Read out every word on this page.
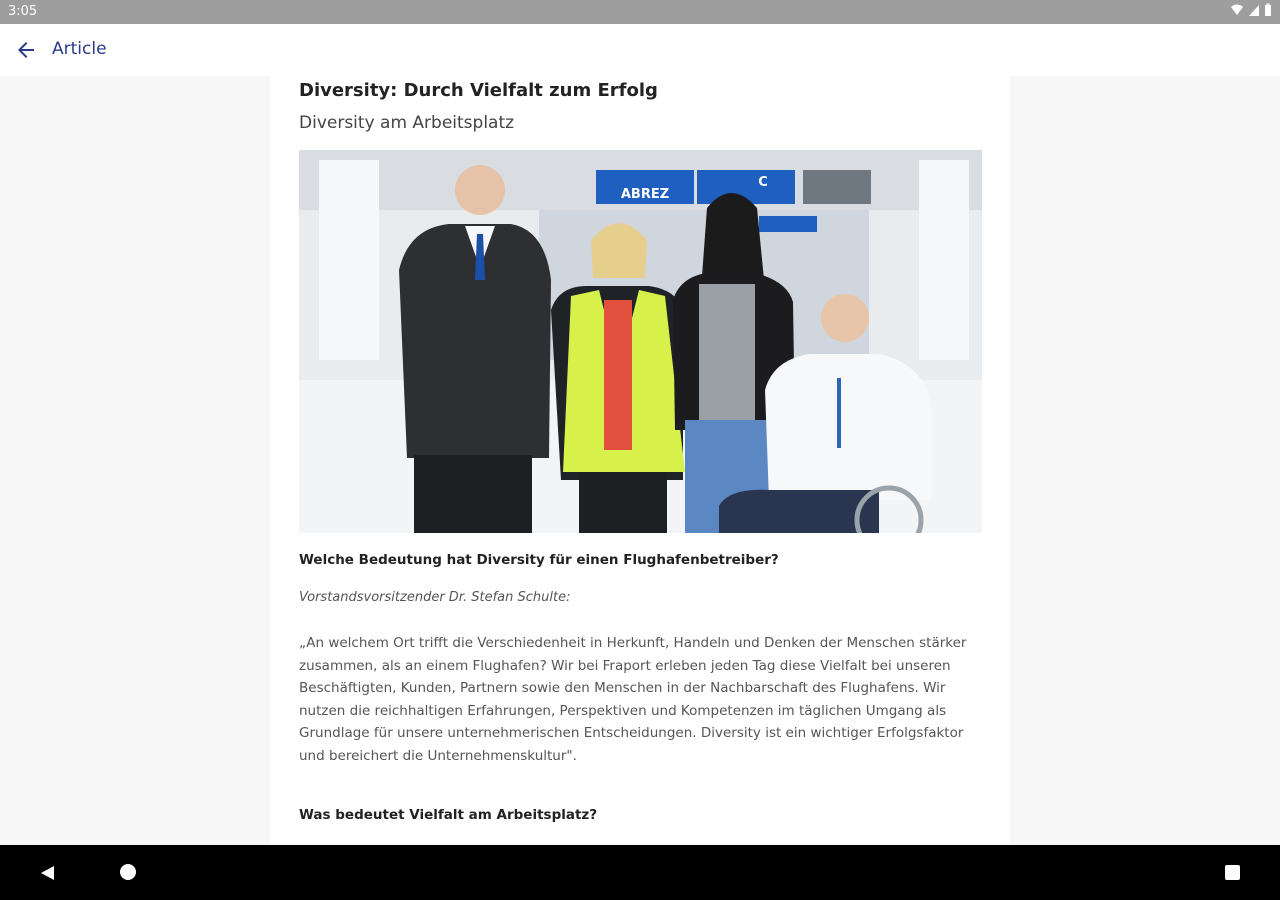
3:05
Article
Diversity: Durch Vielfalt zum Erfolg
Diversity am Arbeitsplatz
ABREZ
C
Welche Bedeutung hat Diversity für einen Flughafenbetreiber?
Vorstandsvorsitzender Dr. Stefan Schulte:
„An welchem Ort trifft die Verschiedenheit in Herkunft, Handeln und Denken der Menschen stärker zusammen, als an einem Flughafen? Wir bei Fraport erleben jeden Tag diese Vielfalt bei unseren Beschäftigten, Kunden, Partnern sowie den Menschen in der Nachbarschaft des Flughafens. Wir nutzen die reichhaltigen Erfahrungen, Perspektiven und Kompetenzen im täglichen Umgang als Grundlage für unsere unternehmerischen Entscheidungen. Diversity ist ein wichtiger Erfolgsfaktor und bereichert die Unternehmenskultur".
Was bedeutet Vielfalt am Arbeitsplatz?
